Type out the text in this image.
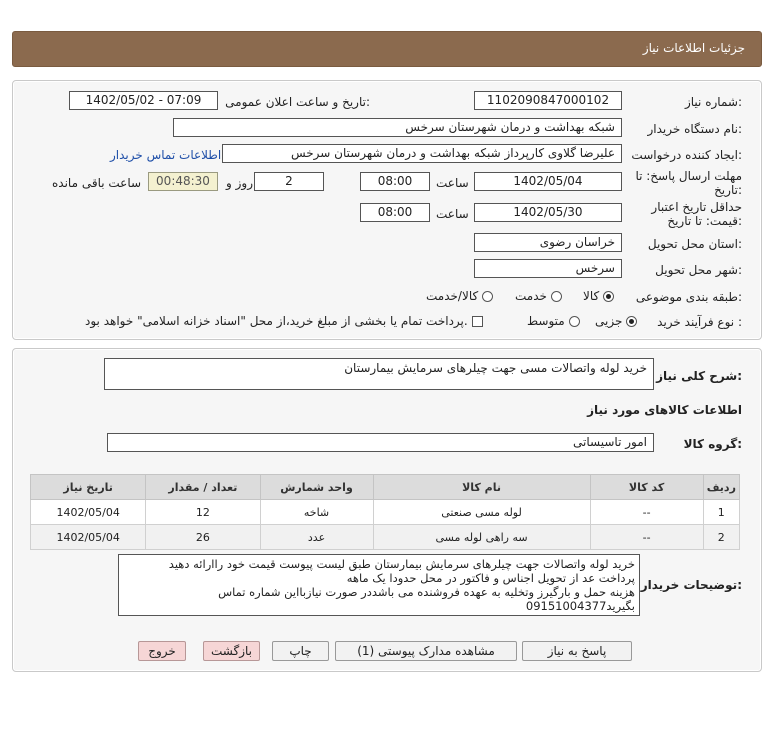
جزئیات اطلاعات نیاز
شماره نیاز:
1102090847000102
تاریخ و ساعت اعلان عمومی:
1402/05/02 - 07:09
نام دستگاه خریدار:
شبکه بهداشت و درمان شهرستان سرخس
ایجاد کننده درخواست:
علیرضا گلاوی کارپرداز شبکه بهداشت و درمان شهرستان سرخس
اطلاعات تماس خریدار
مهلت ارسال پاسخ: تا
تاریخ:
1402/05/04
ساعت
08:00
2
روز و
00:48:30
ساعت باقی مانده
حداقل تاریخ اعتبار
قیمت: تا تاریخ:
1402/05/30
ساعت
08:00
استان محل تحویل:
خراسان رضوی
شهر محل تحویل:
سرخس
طبقه بندی موضوعی:
کالا
خدمت
کالا/خدمت
نوع فرآیند خرید :
جزیی
متوسط
پرداخت تمام یا بخشی از مبلغ خرید،از محل "اسناد خزانه اسلامی" خواهد بود.
شرح کلی نیاز:
خرید لوله واتصالات مسی جهت چیلرهای سرمایش بیمارستان
اطلاعات کالاهای مورد نیاز
گروه کالا:
امور تاسیساتی
ردیف	کد کالا	نام کالا	واحد شمارش	تعداد / مقدار	تاریخ نیاز
1	--	لوله مسی صنعتی	شاخه	12	1402/05/04
2	--	سه راهی لوله مسی	عدد	26	1402/05/04
توضیحات خریدار:
خرید لوله واتصالات جهت چیلرهای سرمایش بیمارستان طبق لیست پیوست قیمت خود راارائه دهید
پرداخت عد از تحویل اجناس و فاکتور در محل حدودا یک ماهه
هزینه حمل و بارگیرز وتخلیه به عهده فروشنده می باشددر صورت نیازبااین شماره تماس
بگیرید09151004377
پاسخ به نیاز
مشاهده مدارک پیوستی (1)
چاپ
بازگشت
خروج
